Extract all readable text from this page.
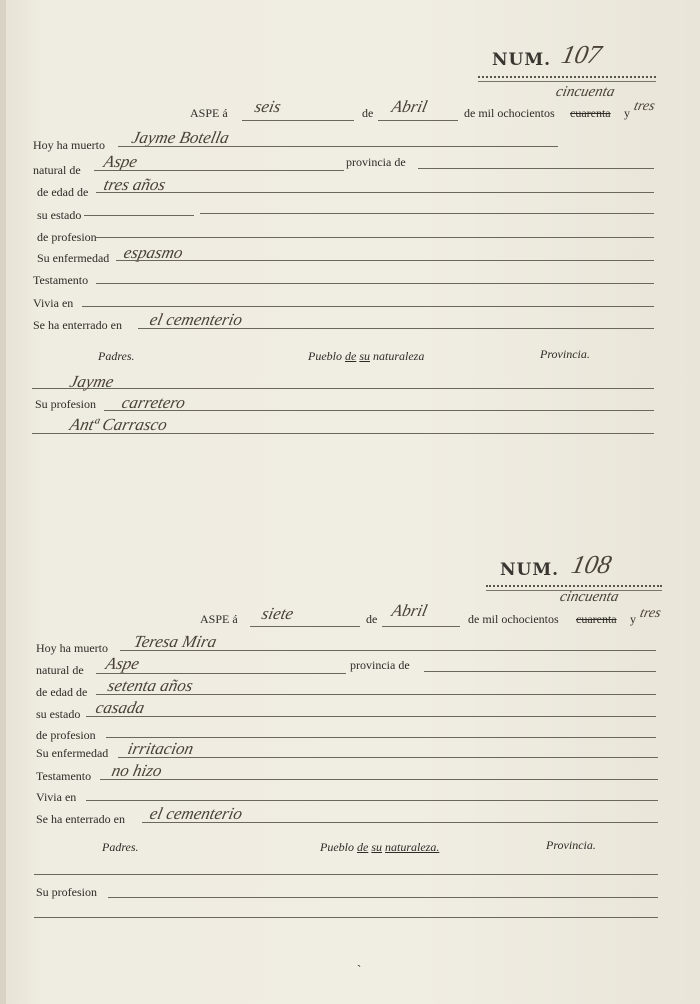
NUM. 107
ASPE á seis	de Abril	de mil ochocientos cuarenta y
cincuenta
tres
Hoy ha muerto Jayme Botella
natural de Aspe	provincia de
de edad de tres años
su estado
de profesion
Su enfermedad espasmo
Testamento
Vivia en
Se ha enterrado en el cementerio
Padres.	Pueblo de su naturaleza	Provincia.
Jayme
Su profesion carretero
Antª Carrasco
NUM. 108
ASPE á siete	de Abril	de mil ochocientos cuarenta y
cincuenta
tres
Hoy ha muerto Teresa Mira
natural de Aspe	provincia de
de edad de setenta años
su estado casada
de profesion
Su enfermedad irritacion
Testamento no hizo
Vivia en
Se ha enterrado en el cementerio
Padres.	Pueblo de su naturaleza.	Provincia.
Su profesion
ˋ
